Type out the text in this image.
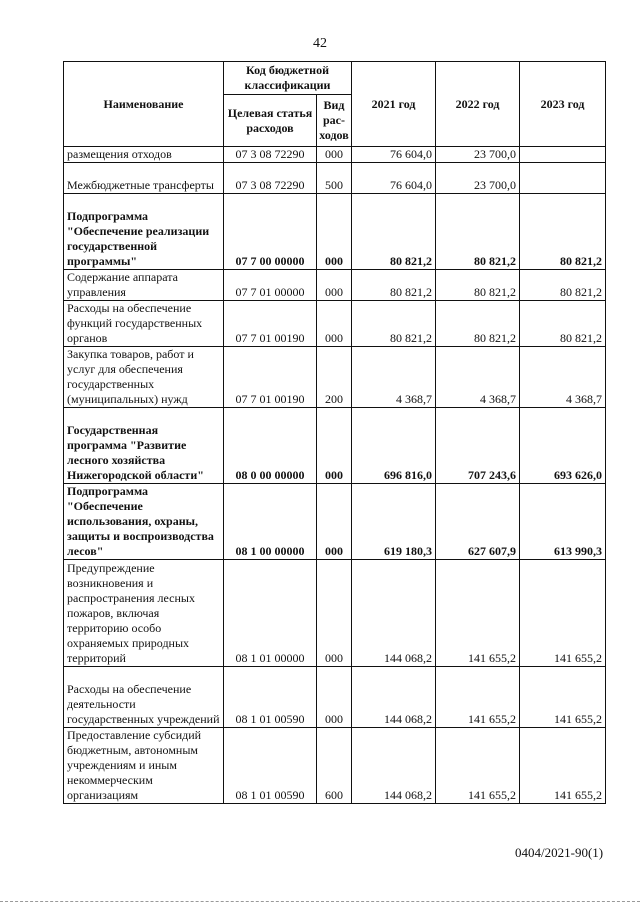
42
Наименование	Код бюджетной классификации		2021 год	2022 год	2023 год
	Целевая статья расходов	Вид рас-ходов			
размещения отходов	07 3 08 72290	000	76 604,0	23 700,0	
Межбюджетные трансферты	07 3 08 72290	500	76 604,0	23 700,0	
Подпрограмма "Обеспечение реализации государственной программы"	07 7 00 00000	000	80 821,2	80 821,2	80 821,2
Содержание аппарата управления	07 7 01 00000	000	80 821,2	80 821,2	80 821,2
Расходы на обеспечение функций государственных органов	07 7 01 00190	000	80 821,2	80 821,2	80 821,2
Закупка товаров, работ и услуг для обеспечения государственных (муниципальных) нужд	07 7 01 00190	200	4 368,7	4 368,7	4 368,7
Государственная программа "Развитие лесного хозяйства Нижегородской области"	08 0 00 00000	000	696 816,0	707 243,6	693 626,0
Подпрограмма "Обеспечение использования, охраны, защиты и воспроизводства лесов"	08 1 00 00000	000	619 180,3	627 607,9	613 990,3
Предупреждение возникновения и распространения лесных пожаров, включая территорию особо охраняемых природных территорий	08 1 01 00000	000	144 068,2	141 655,2	141 655,2
Расходы на обеспечение деятельности государственных учреждений	08 1 01 00590	000	144 068,2	141 655,2	141 655,2
Предоставление субсидий бюджетным, автономным учреждениям и иным некоммерческим организациям	08 1 01 00590	600	144 068,2	141 655,2	141 655,2
0404/2021-90(1)
